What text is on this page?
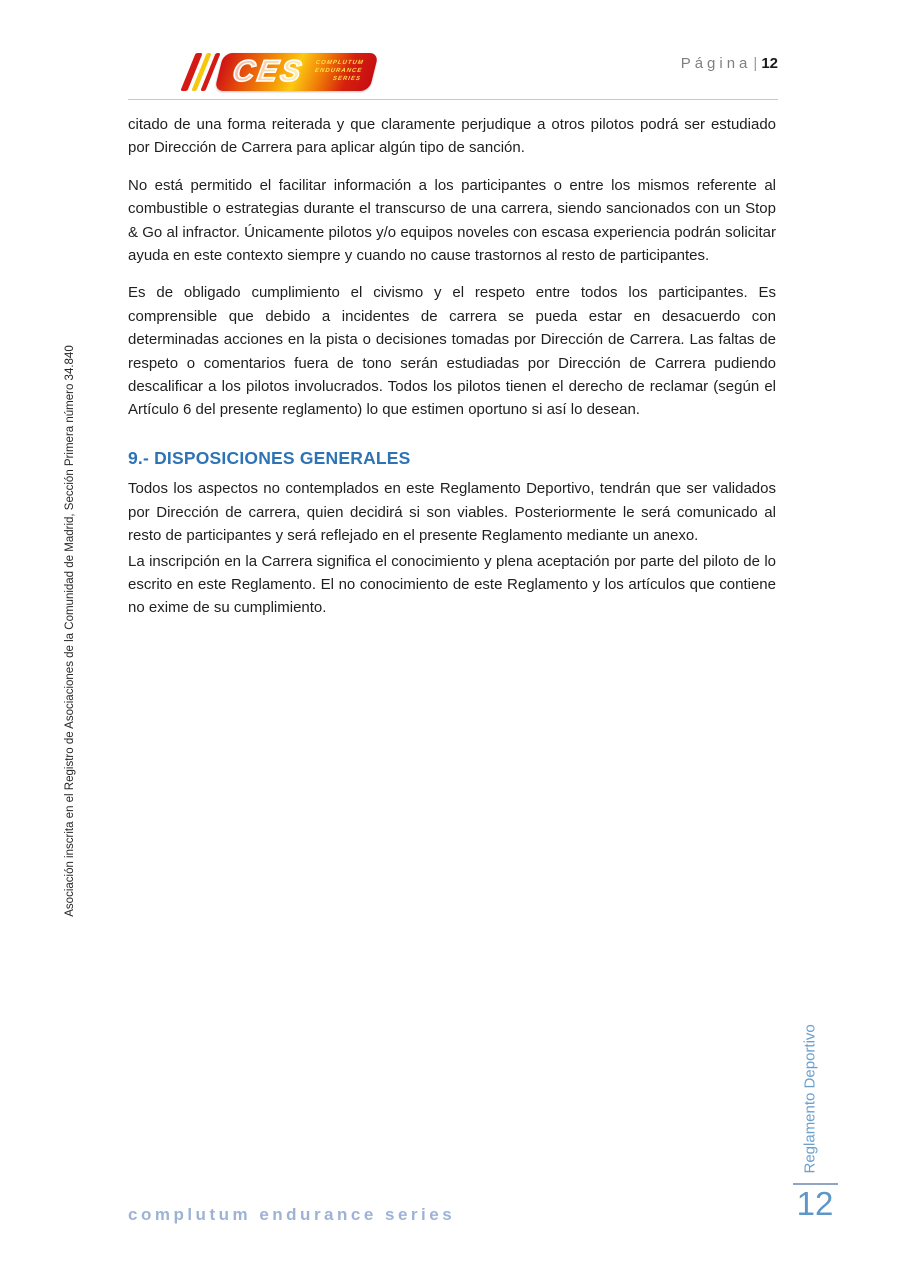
CES COMPLUTUM
ENDURANCE
SERIES
Página | 12

citado de una forma reiterada y que claramente perjudique a otros pilotos podrá ser estudiado por Dirección de Carrera para aplicar algún tipo de sanción.

No está permitido el facilitar información a los participantes o entre los mismos referente al combustible o estrategias durante el transcurso de una carrera, siendo sancionados con un Stop & Go al infractor. Únicamente pilotos y/o equipos noveles con escasa experiencia podrán solicitar ayuda en este contexto siempre y cuando no cause trastornos al resto de participantes.

Es de obligado cumplimiento el civismo y el respeto entre todos los participantes. Es comprensible que debido a incidentes de carrera se pueda estar en desacuerdo con determinadas acciones en la pista o decisiones tomadas por Dirección de Carrera. Las faltas de respeto o comentarios fuera de tono serán estudiadas por Dirección de Carrera pudiendo descalificar a los pilotos involucrados. Todos los pilotos tienen el derecho de reclamar (según el Artículo 6 del presente reglamento) lo que estimen oportuno si así lo desean.

9.- DISPOSICIONES GENERALES

Todos los aspectos no contemplados en este Reglamento Deportivo, tendrán que ser validados por Dirección de carrera, quien decidirá si son viables. Posteriormente le será comunicado al resto de participantes y será reflejado en el presente Reglamento mediante un anexo.

La inscripción en la Carrera significa el conocimiento y plena aceptación por parte del piloto de lo escrito en este Reglamento. El no conocimiento de este Reglamento y los artículos que contiene no exime de su cumplimiento.

Asociación inscrita en el Registro de Asociaciones de la Comunidad de Madrid, Sección Primera número 34.840
Reglamento Deportivo
12
complutum endurance series
